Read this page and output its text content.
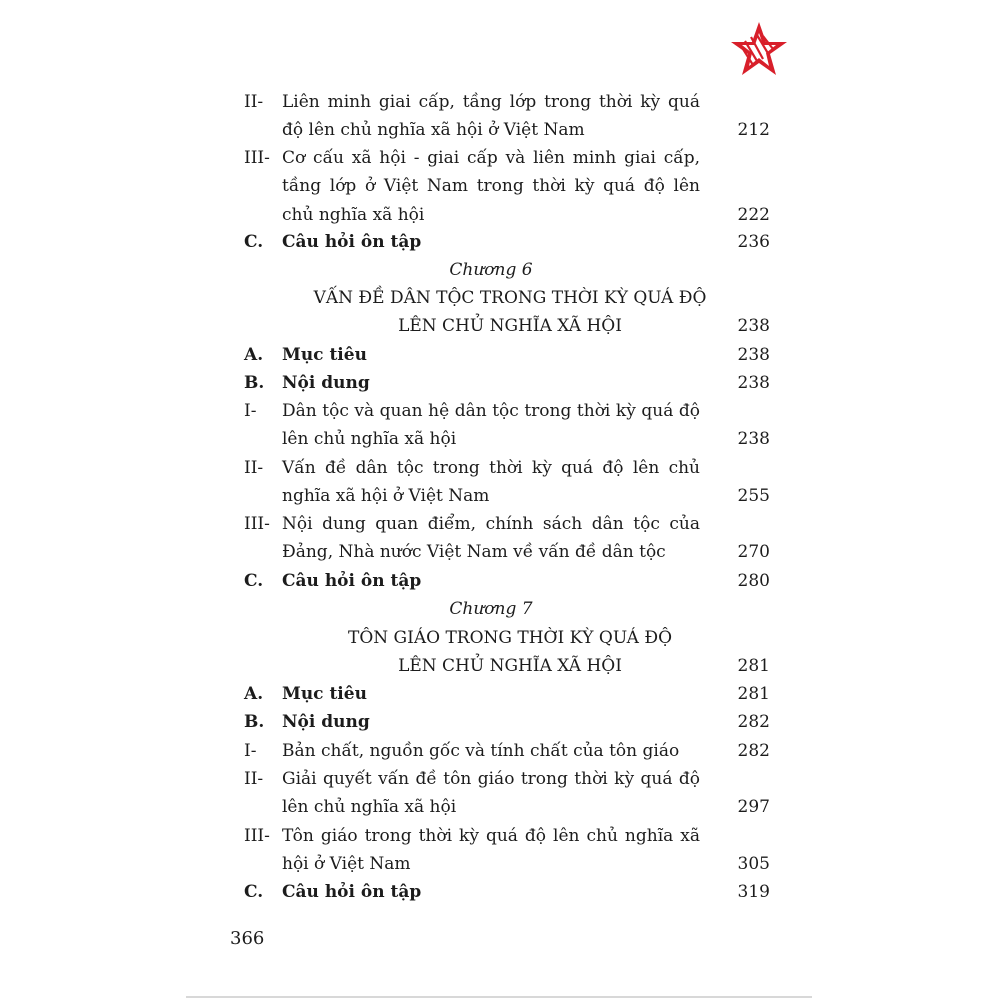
II-	Liên minh giai cấp, tầng lớp trong thời kỳ quá độ lên chủ nghĩa xã hội ở Việt Nam	212
III- Cơ cấu xã hội - giai cấp và liên minh giai cấp, tầng lớp ở Việt Nam trong thời kỳ quá độ lên chủ nghĩa xã hội	222
C.	Câu hỏi ôn tập	236
Chương 6
VẤN ĐỀ DÂN TỘC TRONG THỜI KỲ QUÁ ĐỘ
LÊN CHỦ NGHĨA XÃ HỘI	238
A.	Mục tiêu	238
B.	Nội dung	238
I-	Dân tộc và quan hệ dân tộc trong thời kỳ quá độ lên chủ nghĩa xã hội	238
II-	Vấn đề dân tộc trong thời kỳ quá độ lên chủ nghĩa xã hội ở Việt Nam	255
III- Nội dung quan điểm, chính sách dân tộc của Đảng, Nhà nước Việt Nam về vấn đề dân tộc	270
C.	Câu hỏi ôn tập	280
Chương 7
TÔN GIÁO TRONG THỜI KỲ QUÁ ĐỘ
LÊN CHỦ NGHĨA XÃ HỘI	281
A.	Mục tiêu	281
B.	Nội dung	282
I-	Bản chất, nguồn gốc và tính chất của tôn giáo	282
II-	Giải quyết vấn đề tôn giáo trong thời kỳ quá độ lên chủ nghĩa xã hội	297
III- Tôn giáo trong thời kỳ quá độ lên chủ nghĩa xã hội ở Việt Nam	305
C.	Câu hỏi ôn tập	319
366
